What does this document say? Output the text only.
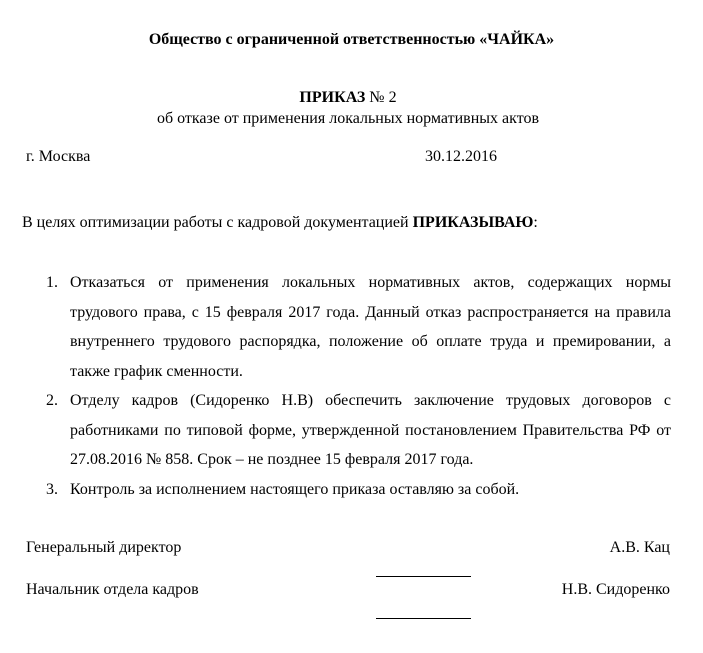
Общество с ограниченной ответственностью «ЧАЙКА»
ПРИКАЗ № 2
об отказе от применения локальных нормативных актов
г. Москва	30.12.2016
В целях оптимизации работы с кадровой документацией ПРИКАЗЫВАЮ:
1. Отказаться от применения локальных нормативных актов, содержащих нормы трудового права, с 15 февраля 2017 года. Данный отказ распространяется на правила внутреннего трудового распорядка, положение об оплате труда и премировании, а также график сменности.
2. Отделу кадров (Сидоренко Н.В) обеспечить заключение трудовых договоров с работниками по типовой форме, утвержденной постановлением Правительства РФ от 27.08.2016 № 858. Срок – не позднее 15 февраля 2017 года.
3. Контроль за исполнением настоящего приказа оставляю за собой.
Генеральный директор	А.В. Кац
Начальник отдела кадров	Н.В. Сидоренко
